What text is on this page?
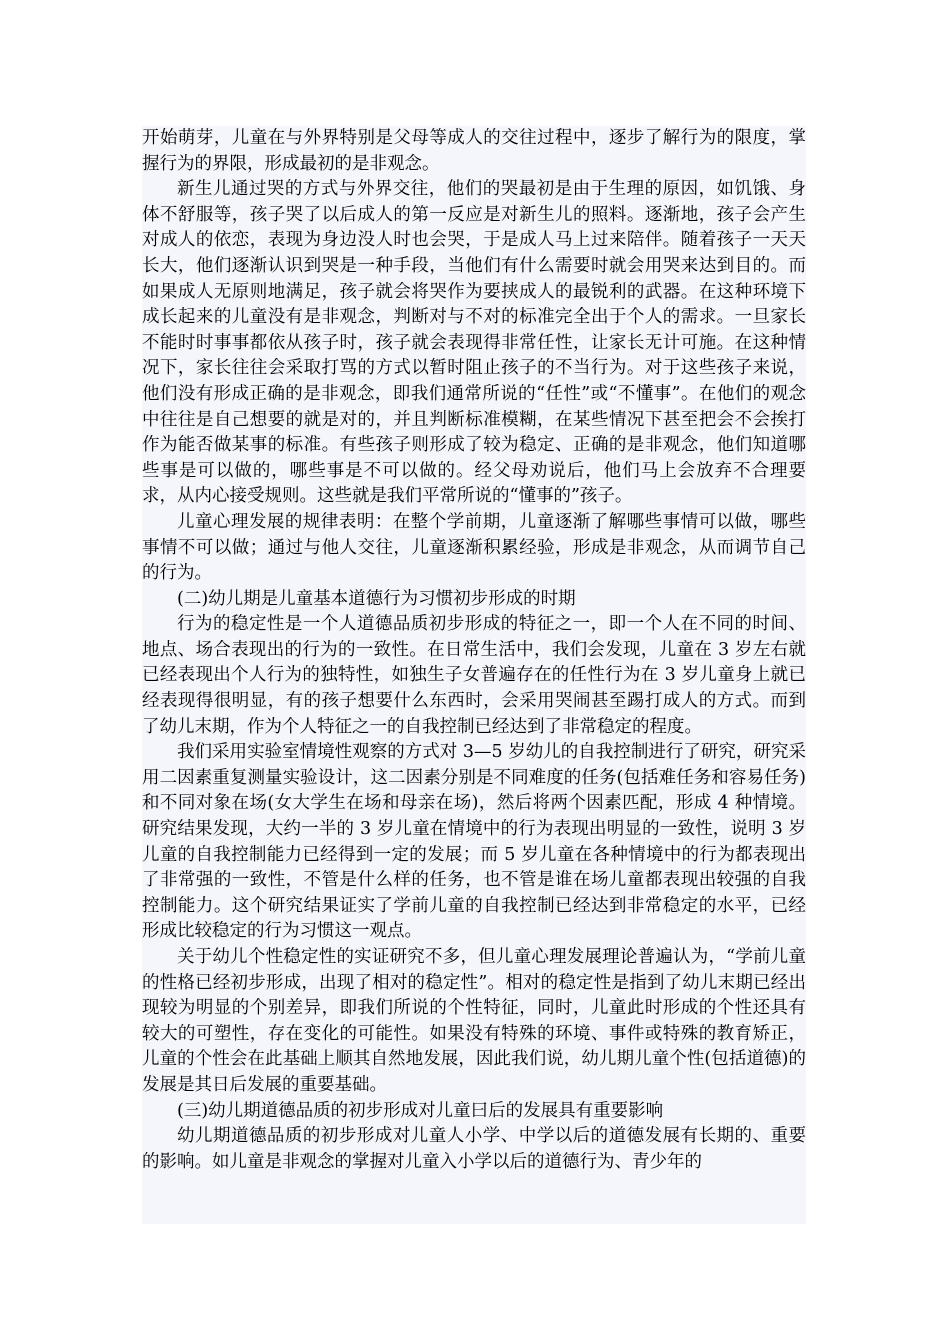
开始萌芽，儿童在与外界特别是父母等成人的交往过程中，逐步了解行为的限度，掌握行为的界限，形成最初的是非观念。

新生儿通过哭的方式与外界交往，他们的哭最初是由于生理的原因，如饥饿、身体不舒服等，孩子哭了以后成人的第一反应是对新生儿的照料。逐渐地，孩子会产生对成人的依恋，表现为身边没人时也会哭，于是成人马上过来陪伴。随着孩子一天天长大，他们逐渐认识到哭是一种手段，当他们有什么需要时就会用哭来达到目的。而如果成人无原则地满足，孩子就会将哭作为要挟成人的最锐利的武器。在这种环境下成长起来的儿童没有是非观念，判断对与不对的标准完全出于个人的需求。一旦家长不能时时事事都依从孩子时，孩子就会表现得非常任性，让家长无计可施。在这种情况下，家长往往会采取打骂的方式以暂时阻止孩子的不当行为。对于这些孩子来说，他们没有形成正确的是非观念，即我们通常所说的“任性”或“不懂事”。在他们的观念中往往是自己想要的就是对的，并且判断标准模糊，在某些情况下甚至把会不会挨打作为能否做某事的标准。有些孩子则形成了较为稳定、正确的是非观念，他们知道哪些事是可以做的，哪些事是不可以做的。经父母劝说后，他们马上会放弃不合理要求，从内心接受规则。这些就是我们平常所说的“懂事的”孩子。

儿童心理发展的规律表明：在整个学前期，儿童逐渐了解哪些事情可以做，哪些事情不可以做；通过与他人交往，儿童逐渐积累经验，形成是非观念，从而调节自己的行为。

(二)幼儿期是儿童基本道德行为习惯初步形成的时期

行为的稳定性是一个人道德品质初步形成的特征之一，即一个人在不同的时间、地点、场合表现出的行为的一致性。在日常生活中，我们会发现，儿童在 3 岁左右就已经表现出个人行为的独特性，如独生子女普遍存在的任性行为在 3 岁儿童身上就已经表现得很明显，有的孩子想要什么东西时，会采用哭闹甚至踢打成人的方式。而到了幼儿末期，作为个人特征之一的自我控制已经达到了非常稳定的程度。

我们采用实验室情境性观察的方式对 3—5 岁幼儿的自我控制进行了研究，研究采用二因素重复测量实验设计，这二因素分别是不同难度的任务(包括难任务和容易任务)和不同对象在场(女大学生在场和母亲在场)，然后将两个因素匹配，形成 4 种情境。研究结果发现，大约一半的 3 岁儿童在情境中的行为表现出明显的一致性，说明 3 岁儿童的自我控制能力已经得到一定的发展；而 5 岁儿童在各种情境中的行为都表现出了非常强的一致性，不管是什么样的任务，也不管是谁在场儿童都表现出较强的自我控制能力。这个研究结果证实了学前儿童的自我控制已经达到非常稳定的水平，已经形成比较稳定的行为习惯这一观点。

关于幼儿个性稳定性的实证研究不多，但儿童心理发展理论普遍认为，“学前儿童的性格已经初步形成，出现了相对的稳定性”。相对的稳定性是指到了幼儿末期已经出现较为明显的个别差异，即我们所说的个性特征，同时，儿童此时形成的个性还具有较大的可塑性，存在变化的可能性。如果没有特殊的环境、事件或特殊的教育矫正，儿童的个性会在此基础上顺其自然地发展，因此我们说，幼儿期儿童个性(包括道德)的发展是其日后发展的重要基础。

(三)幼儿期道德品质的初步形成对儿童曰后的发展具有重要影响

幼儿期道德品质的初步形成对儿童人小学、中学以后的道德发展有长期的、重要的影响。如儿童是非观念的掌握对儿童入小学以后的道德行为、青少年的
